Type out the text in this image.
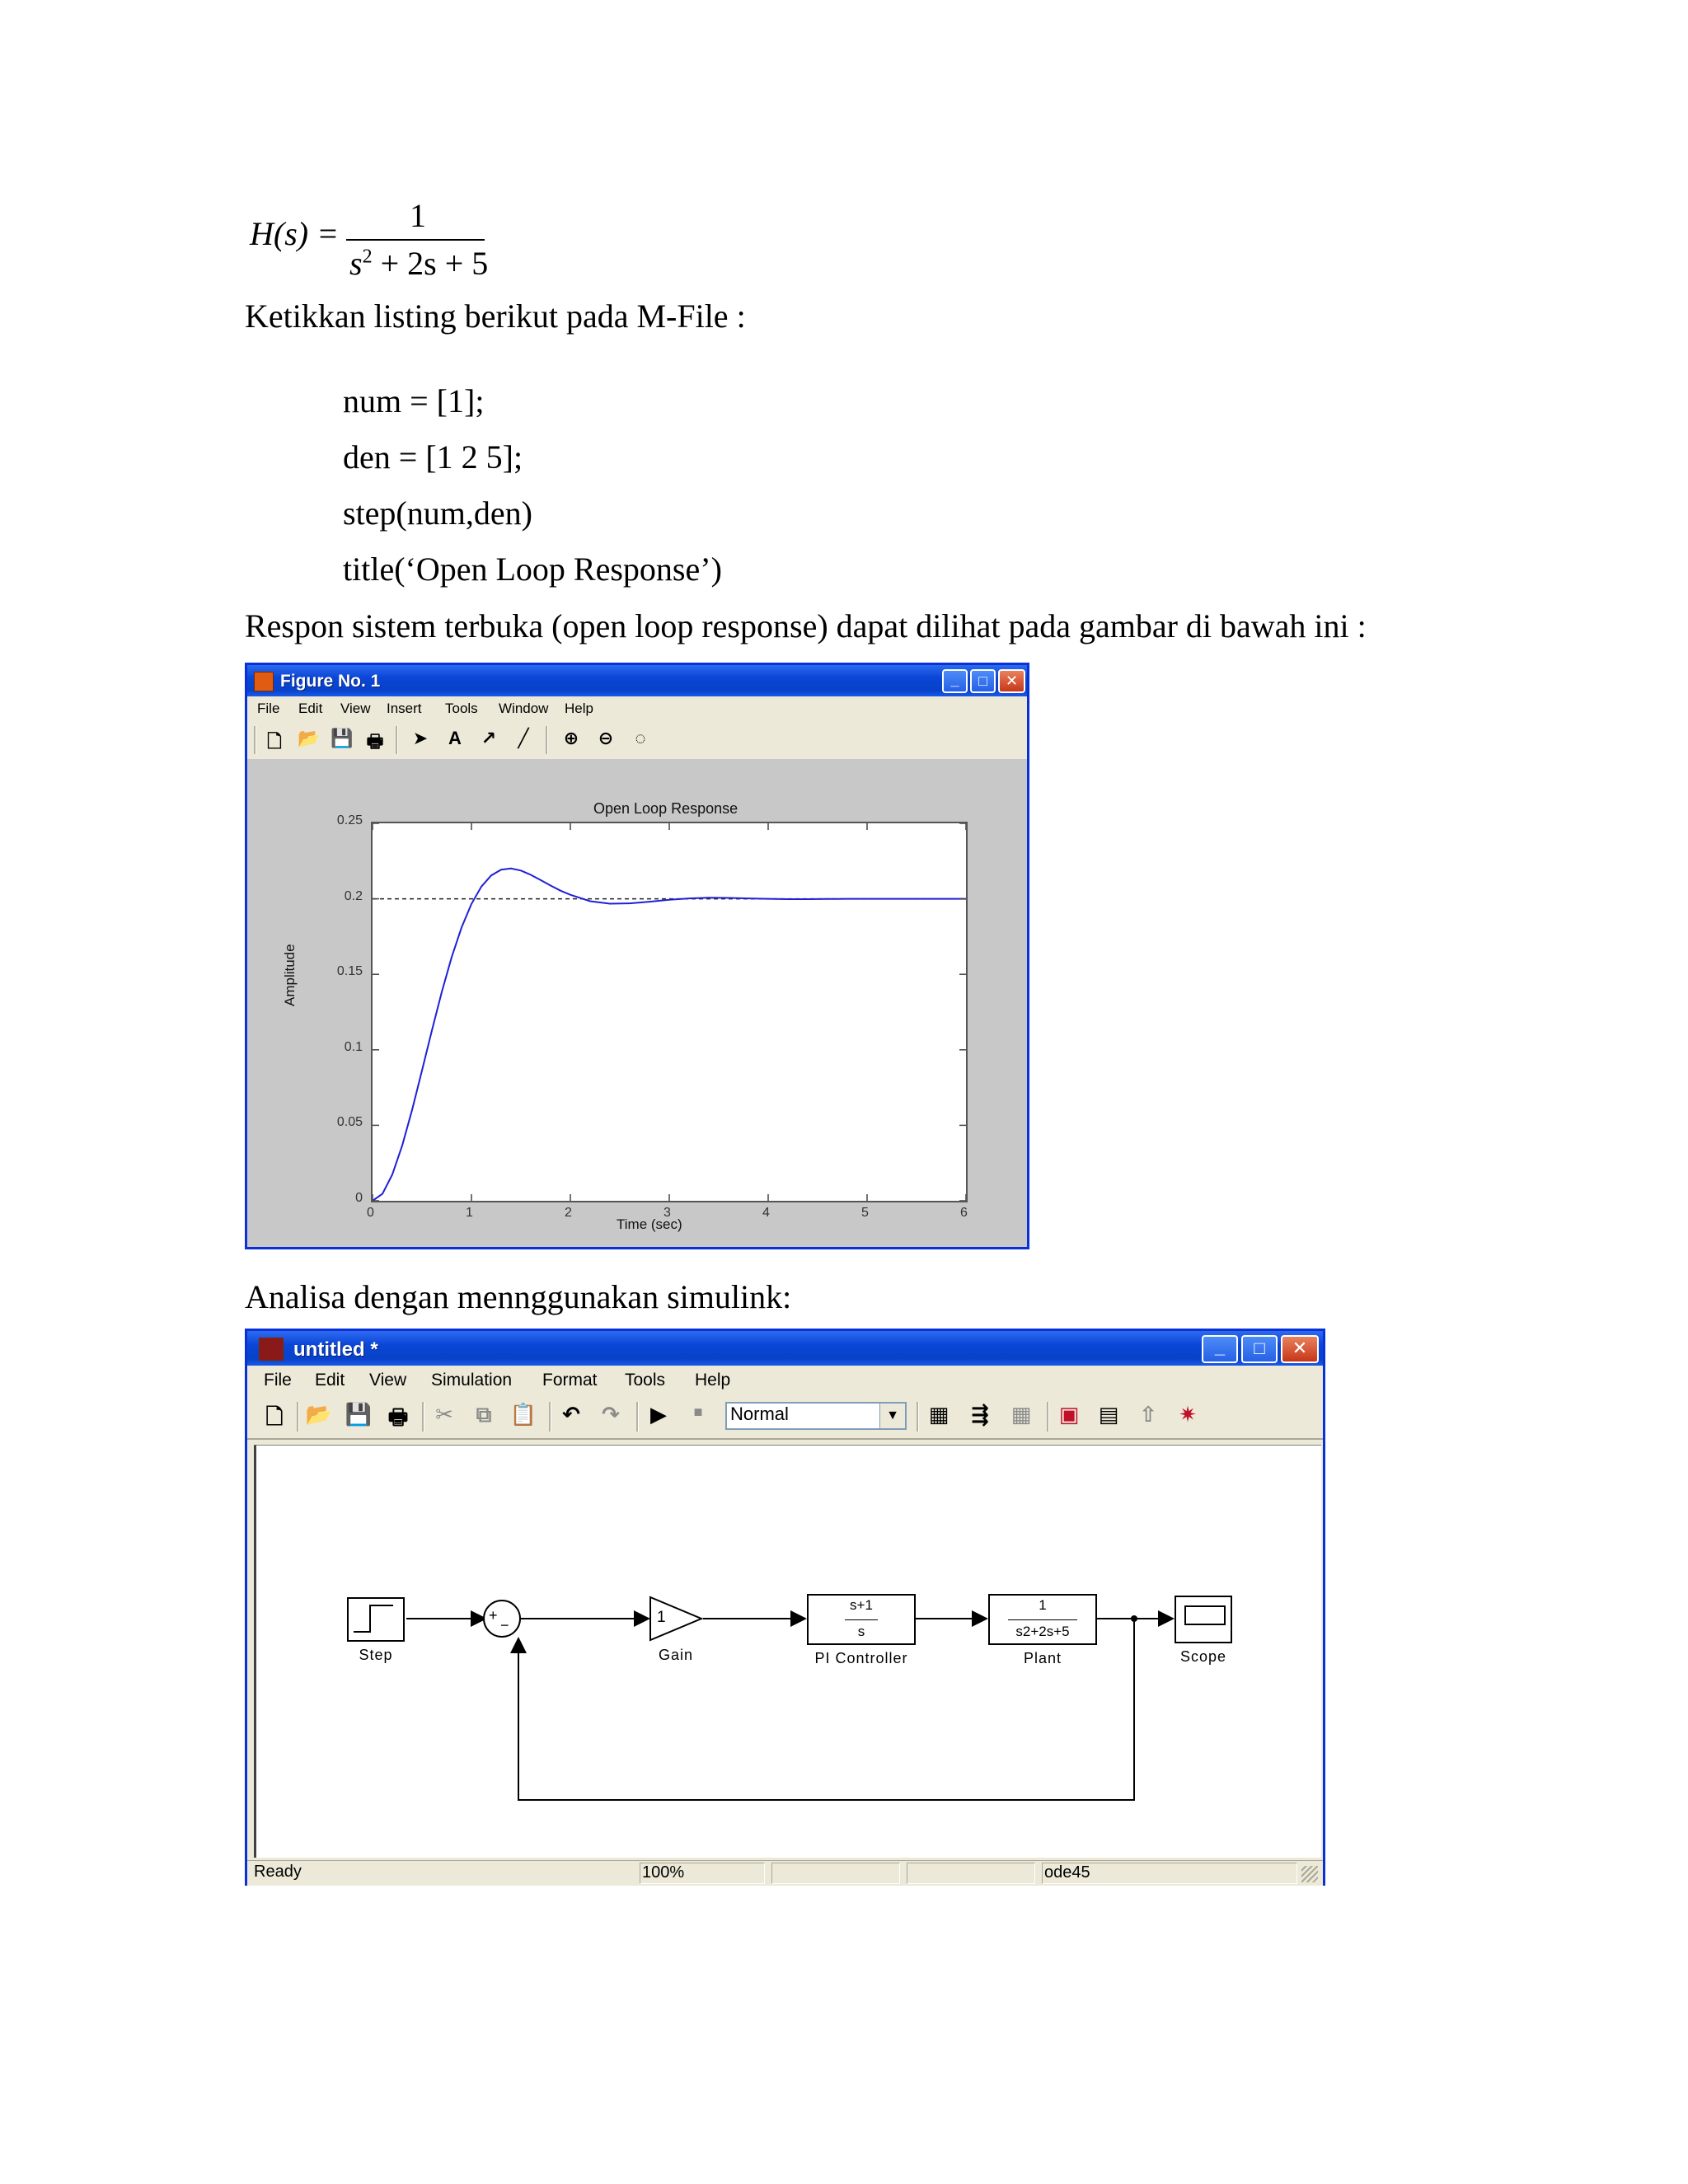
H(s) = 1
$s^2 + 2s + 5$
Ketikkan listing berikut pada M-File :
num = [1];
den = [1 2 5];
step(num,den)
title(‘Open Loop Response’)
Respon sistem terbuka (open loop response) dapat dilihat pada gambar di bawah ini :
Figure No. 1	_	□	✕
File Edit View Insert Tools Window Help
🗋 📂 💾 🖶 ➤	A	↗	╱	⊕ ⊖	◌
Open Loop Response
0
0.05
0.1
0.15
0.2
0.25
0	1	2	3	4	5	6
Time (sec)
Amplitude
Analisa dengan mennggunakan simulink:
untitled *	_	□	✕
File Edit View Simulation Format Tools Help
🗋 📂 💾 🖶 ✂ ⧉ 📋 ↶ ↷ ▶	■	Normal	▼ ▦ ⇶ ▦ ▣ ▤ ⇧ ✷
Step
+
−	1
Gain
s+1
s
PI Controller
1
s2+2s+5
Plant	Scope
Ready	100%	ode45
